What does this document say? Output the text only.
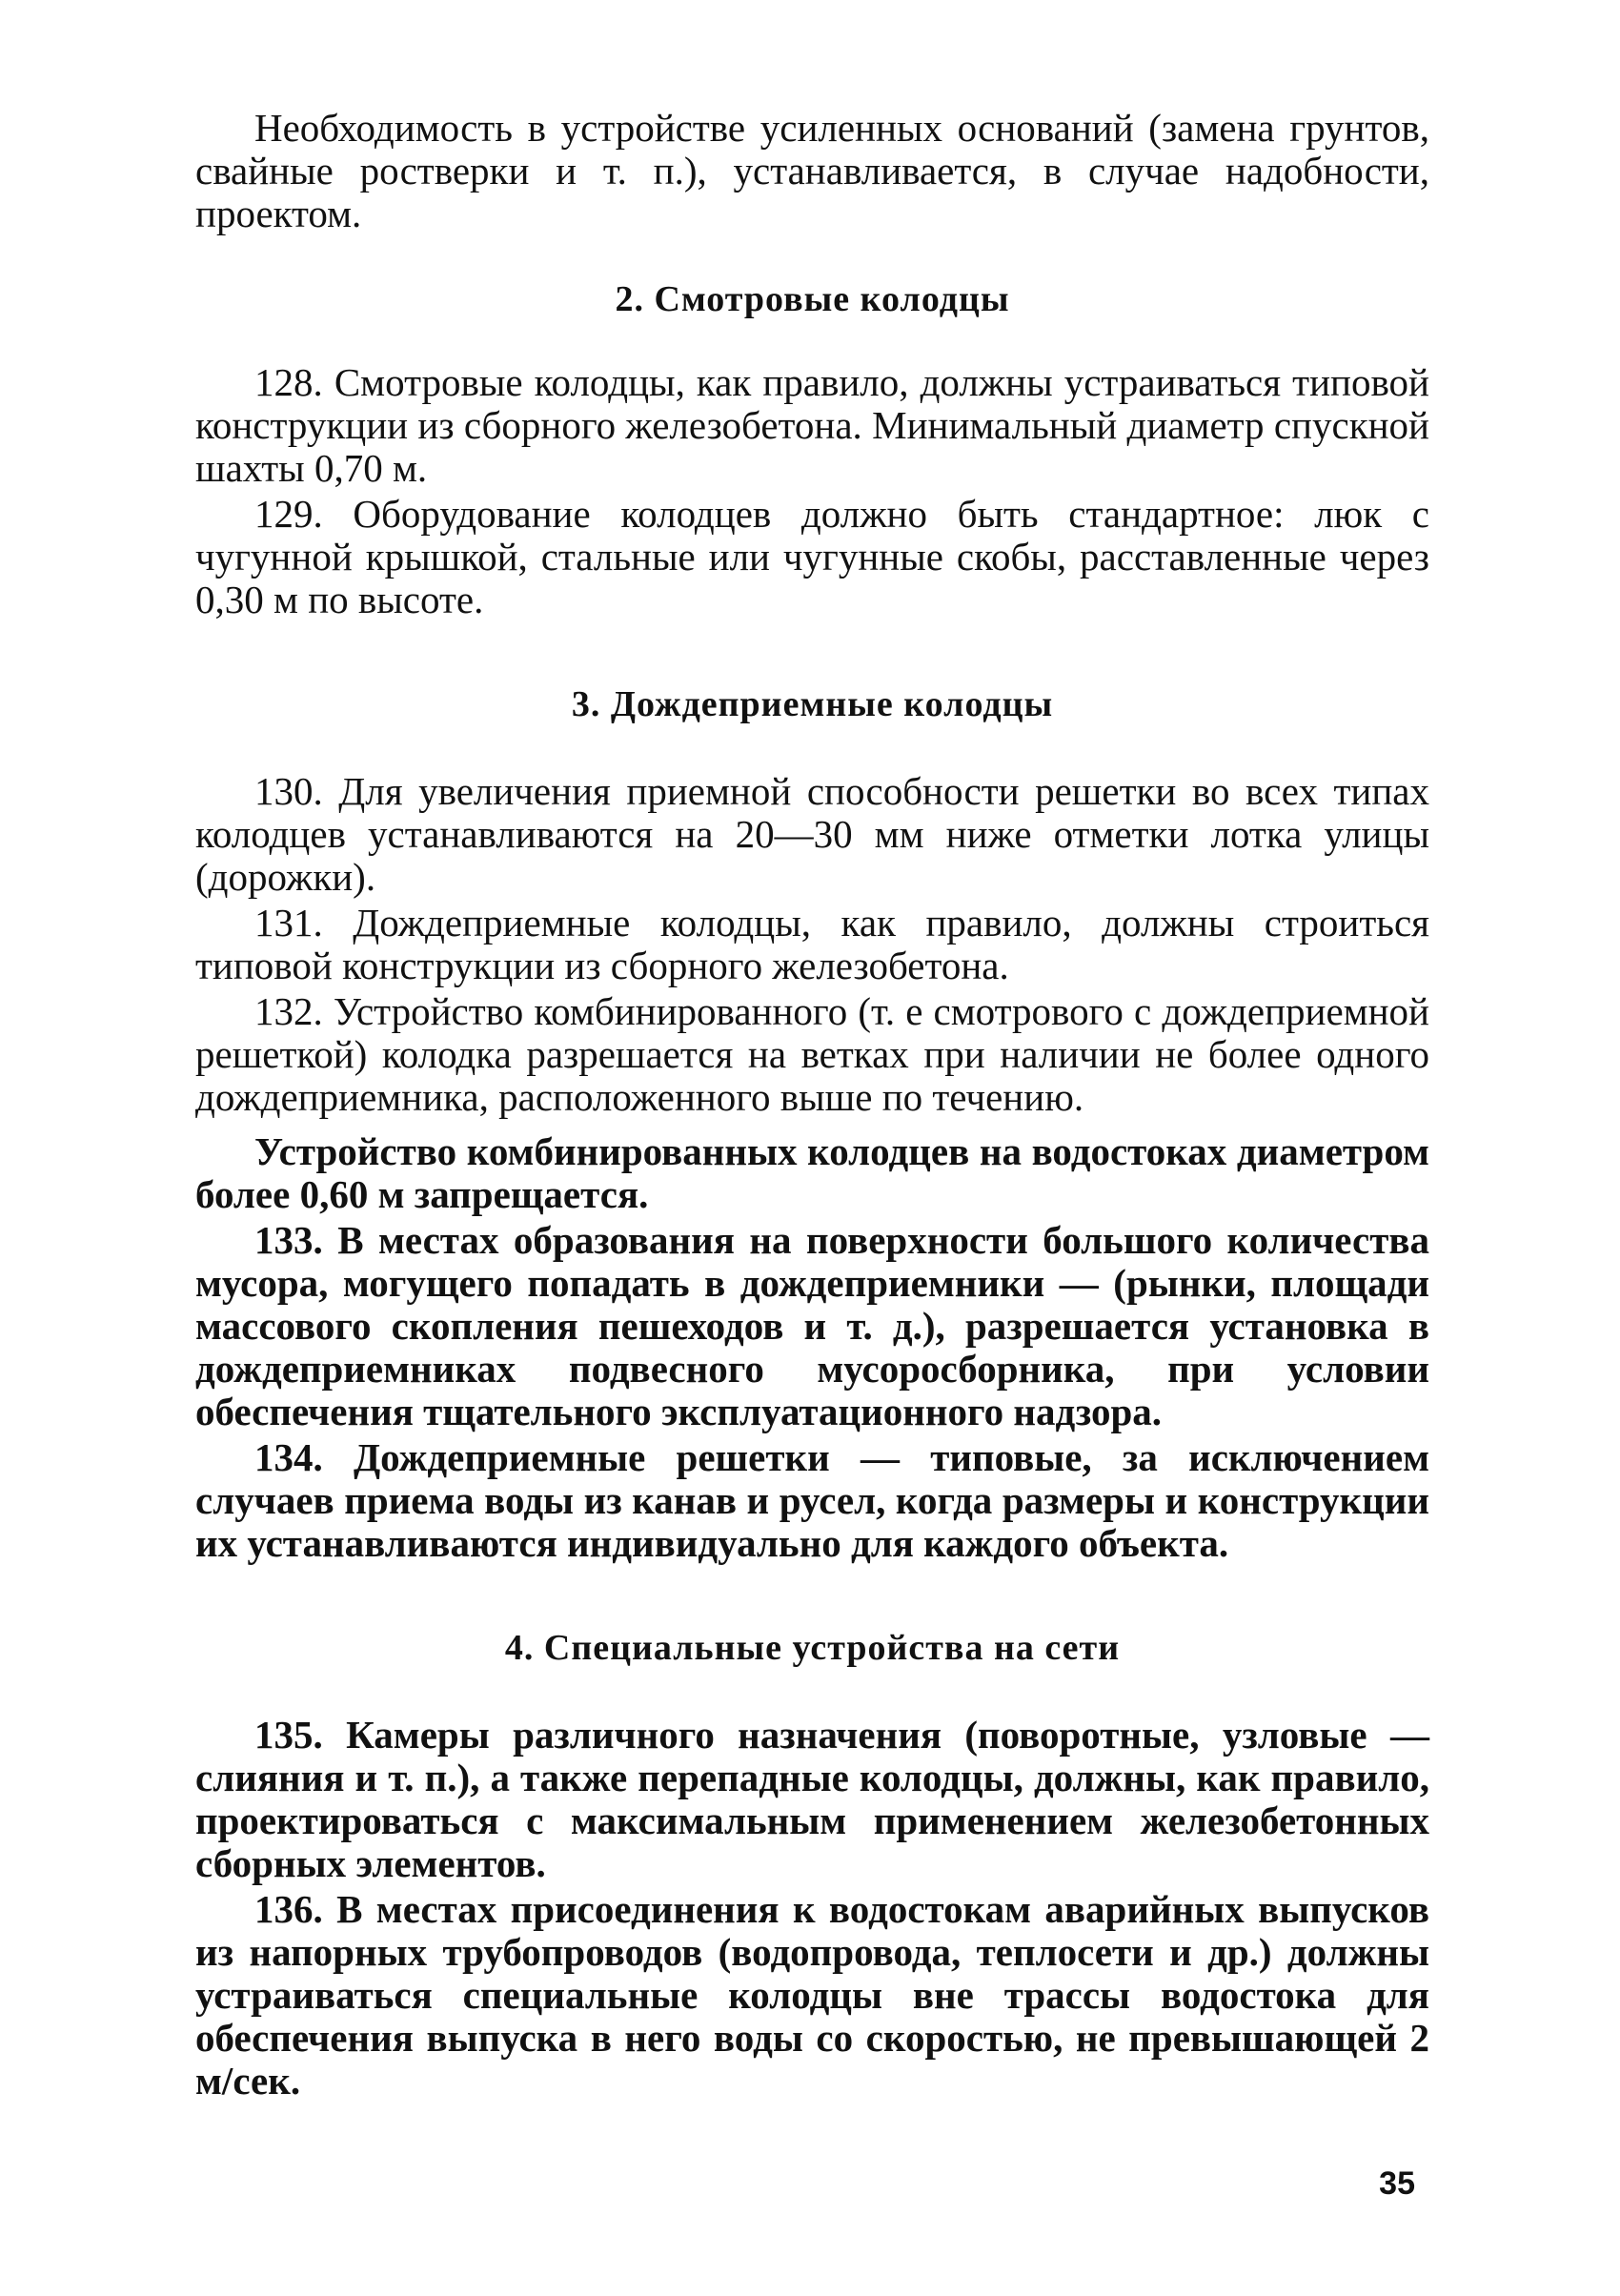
Необходимость в устройстве усиленных оснований (замена грунтов, свайные ростверки и т. п.), устанавливается, в случае надобности, проектом.

2. Смотровые колодцы

128. Смотровые колодцы, как правило, должны устраиваться типовой конструкции из сборного железобетона. Минимальный диаметр спускной шахты 0,70 м.

129. Оборудование колодцев должно быть стандартное: люк с чугунной крышкой, стальные или чугунные скобы, расставленные через 0,30 м по высоте.

3. Дождеприемные колодцы

130. Для увеличения приемной способности решетки во всех типах колодцев устанавливаются на 20—30 мм ниже отметки лотка улицы (дорожки).

131. Дождеприемные колодцы, как правило, должны строиться типовой конструкции из сборного железобетона.

132. Устройство комбинированного (т. е смотрового с дождеприемной решеткой) колодка разрешается на ветках при наличии не более одного дождеприемника, расположенного выше по течению.

Устройство комбинированных колодцев на водостоках диаметром более 0,60 м запрещается.

133. В местах образования на поверхности большого количества мусора, могущего попадать в дождеприемники — (рынки, площади массового скопления пешеходов и т. д.), разрешается установка в дождеприемниках подвесного мусоросборника, при условии обеспечения тщательного эксплуатационного надзора.

134. Дождеприемные решетки — типовые, за исключением случаев приема воды из канав и русел, когда размеры и конструкции их устанавливаются индивидуально для каждого объекта.

4. Специальные устройства на сети

135. Камеры различного назначения (поворотные, узловые — слияния и т. п.), а также перепадные колодцы, должны, как правило, проектироваться с максимальным применением железобетонных сборных элементов.

136. В местах присоединения к водостокам аварийных выпусков из напорных трубопроводов (водопровода, теплосети и др.) должны устраиваться специальные колодцы вне трассы водостока для обеспечения выпуска в него воды со скоростью, не превышающей 2 м/сек.

35
